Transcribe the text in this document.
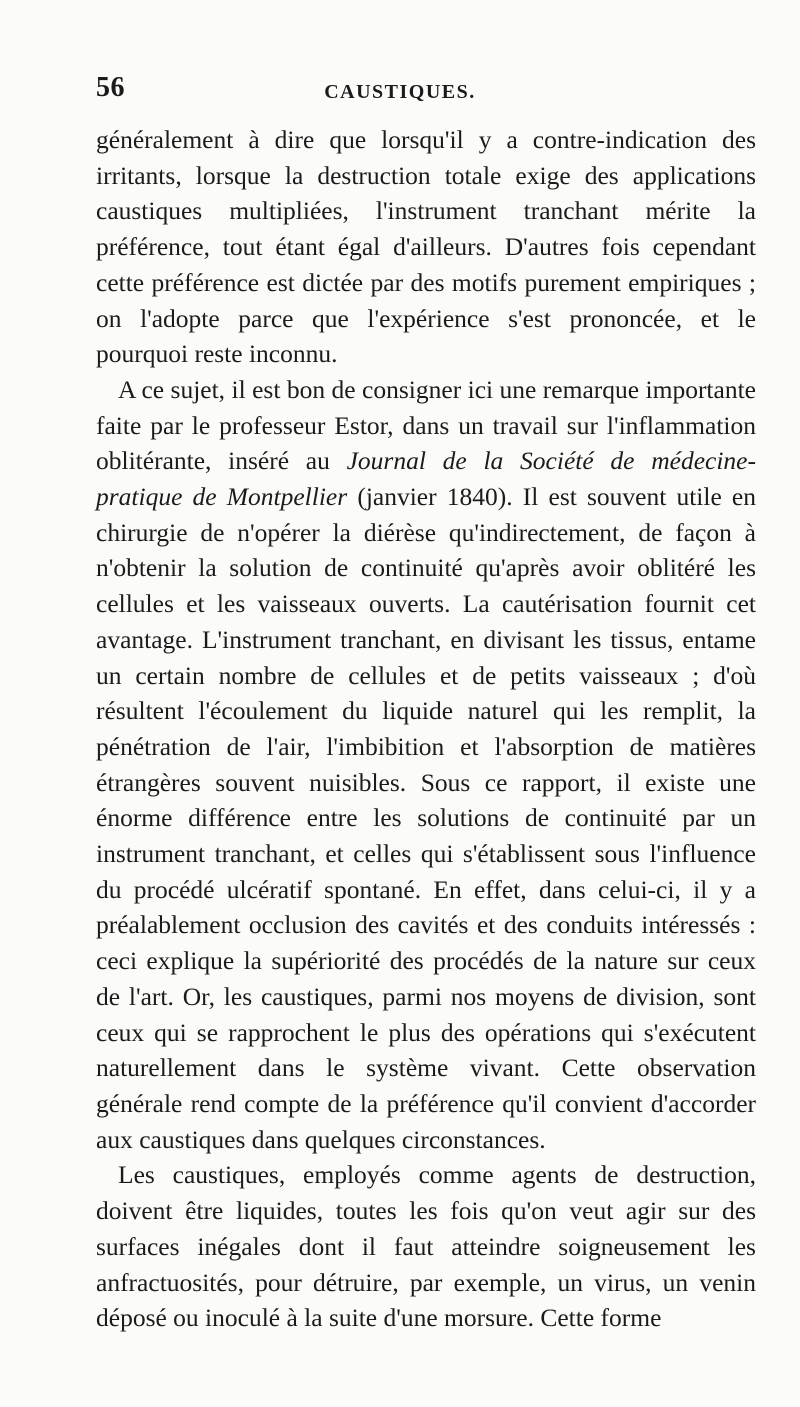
56	CAUSTIQUES.

généralement à dire que lorsqu'il y a contre-indication des irritants, lorsque la destruction totale exige des applications caustiques multipliées, l'instrument tranchant mérite la préférence, tout étant égal d'ailleurs. D'autres fois cependant cette préférence est dictée par des motifs purement empiriques ; on l'adopte parce que l'expérience s'est prononcée, et le pourquoi reste inconnu.

A ce sujet, il est bon de consigner ici une remarque importante faite par le professeur Estor, dans un travail sur l'inflammation oblitérante, inséré au Journal de la Société de médecine-pratique de Montpellier (janvier 1840). Il est souvent utile en chirurgie de n'opérer la diérèse qu'indirectement, de façon à n'obtenir la solution de continuité qu'après avoir oblitéré les cellules et les vaisseaux ouverts. La cautérisation fournit cet avantage. L'instrument tranchant, en divisant les tissus, entame un certain nombre de cellules et de petits vaisseaux ; d'où résultent l'écoulement du liquide naturel qui les remplit, la pénétration de l'air, l'imbibition et l'absorption de matières étrangères souvent nuisibles. Sous ce rapport, il existe une énorme différence entre les solutions de continuité par un instrument tranchant, et celles qui s'établissent sous l'influence du procédé ulcératif spontané. En effet, dans celui-ci, il y a préalablement occlusion des cavités et des conduits intéressés : ceci explique la supériorité des procédés de la nature sur ceux de l'art. Or, les caustiques, parmi nos moyens de division, sont ceux qui se rapprochent le plus des opérations qui s'exécutent naturellement dans le système vivant. Cette observation générale rend compte de la préférence qu'il convient d'accorder aux caustiques dans quelques circonstances.

Les caustiques, employés comme agents de destruction, doivent être liquides, toutes les fois qu'on veut agir sur des surfaces inégales dont il faut atteindre soigneusement les anfractuosités, pour détruire, par exemple, un virus, un venin déposé ou inoculé à la suite d'une morsure. Cette forme
